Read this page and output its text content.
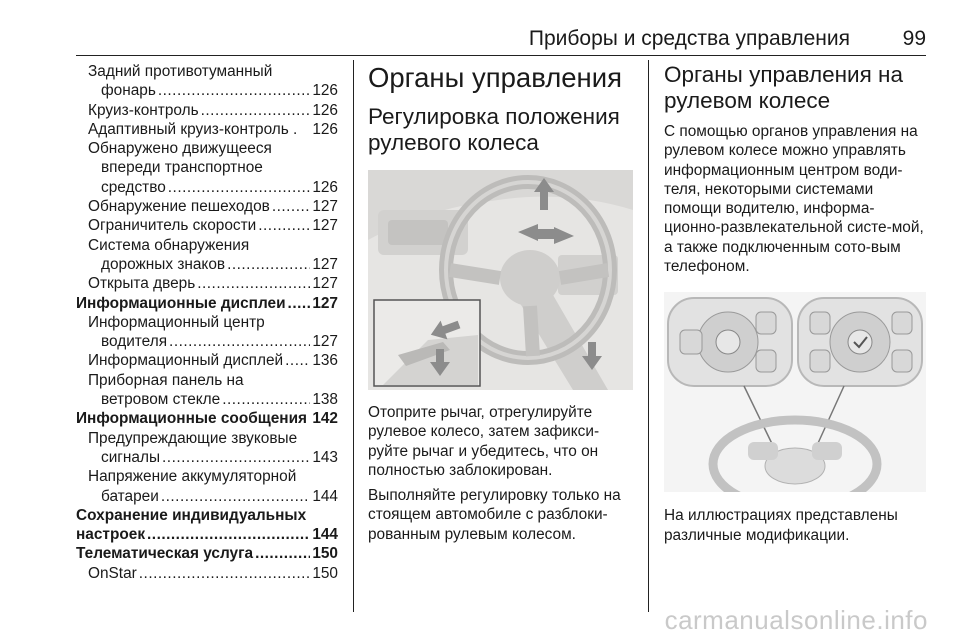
Приборы и средства управления	99
Задний противотуманный
фонарь .....	126
Круиз-контроль .....	126
Адаптивный круиз-контроль . 126
Обнаружено движущееся
впереди транспортное
средство .....	126
Обнаружение пешеходов .....	127
Ограничитель скорости .....	127
Система обнаружения
дорожных знаков .....	127
Открыта дверь .....	127
Информационные дисплеи ..... 127
Информационный центр
водителя .....	127
Информационный дисплей ..... 136
Приборная панель на
ветровом стекле .....	138
Информационные сообщения 142
Предупреждающие звуковые
сигналы .....	143
Напряжение аккумуляторной
батареи .....	144
Сохранение индивидуальных
настроек .....	144
Телематическая услуга .....	150
OnStar .....	150
Органы управления
Регулировка положения рулевого колеса

Отоприте рычаг, отрегулируйте рулевое колесо, затем зафикси-руйте рычаг и убедитесь, что он полностью заблокирован.

Выполняйте регулировку только на стоящем автомобиле с разблоки-рованным рулевым колесом.

Органы управления на рулевом колесе

С помощью органов управления на рулевом колесе можно управлять информационным центром води-теля, некоторыми системами помощи водителю, информа-ционно-развлекательной систе-мой, а также подключенным сото-вым телефоном.

На иллюстрациях представлены различные модификации.

carmanualsonline.info
